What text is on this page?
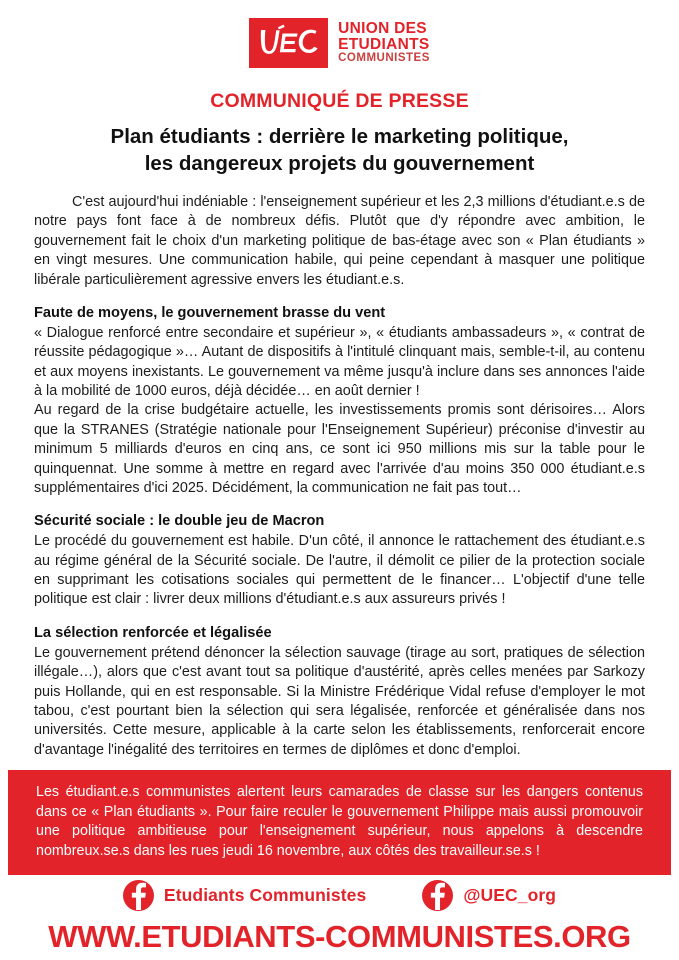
UNION DES
ETUDIANTS
COMMUNISTES
COMMUNIQUÉ DE PRESSE
Plan étudiants : derrière le marketing politique,
les dangereux projets du gouvernement

C'est aujourd'hui indéniable : l'enseignement supérieur et les 2,3 millions d'étudiant.e.s de notre pays font face à de nombreux défis. Plutôt que d'y répondre avec ambition, le gouvernement fait le choix d'un marketing politique de bas-étage avec son « Plan étudiants » en vingt mesures. Une communication habile, qui peine cependant à masquer une politique libérale particulièrement agressive envers les étudiant.e.s.

Faute de moyens, le gouvernement brasse du vent

« Dialogue renforcé entre secondaire et supérieur », « étudiants ambassadeurs », « contrat de réussite pédagogique »… Autant de dispositifs à l'intitulé clinquant mais, semble-t-il, au contenu et aux moyens inexistants. Le gouvernement va même jusqu'à inclure dans ses annonces l'aide à la mobilité de 1000 euros, déjà décidée… en août dernier !

Au regard de la crise budgétaire actuelle, les investissements promis sont dérisoires… Alors que la STRANES (Stratégie nationale pour l'Enseignement Supérieur) préconise d'investir au minimum 5 milliards d'euros en cinq ans, ce sont ici 950 millions mis sur la table pour le quinquennat. Une somme à mettre en regard avec l'arrivée d'au moins 350 000 étudiant.e.s supplémentaires d'ici 2025. Décidément, la communication ne fait pas tout…

Sécurité sociale : le double jeu de Macron

Le procédé du gouvernement est habile. D'un côté, il annonce le rattachement des étudiant.e.s au régime général de la Sécurité sociale. De l'autre, il démolit ce pilier de la protection sociale en supprimant les cotisations sociales qui permettent de le financer… L'objectif d'une telle politique est clair : livrer deux millions d'étudiant.e.s aux assureurs privés !

La sélection renforcée et légalisée

Le gouvernement prétend dénoncer la sélection sauvage (tirage au sort, pratiques de sélection illégale…), alors que c'est avant tout sa politique d'austérité, après celles menées par Sarkozy puis Hollande, qui en est responsable. Si la Ministre Frédérique Vidal refuse d'employer le mot tabou, c'est pourtant bien la sélection qui sera légalisée, renforcée et généralisée dans nos universités. Cette mesure, applicable à la carte selon les établissements, renforcerait encore d'avantage l'inégalité des territoires en termes de diplômes et donc d'emploi.

Les étudiant.e.s communistes alertent leurs camarades de classe sur les dangers contenus dans ce « Plan étudiants ». Pour faire reculer le gouvernement Philippe mais aussi promouvoir une politique ambitieuse pour l'enseignement supérieur, nous appelons à descendre nombreux.se.s dans les rues jeudi 16 novembre, aux côtés des travailleur.se.s !

Etudiants Communistes	@UEC_org
WWW.ETUDIANTS-COMMUNISTES.ORG
